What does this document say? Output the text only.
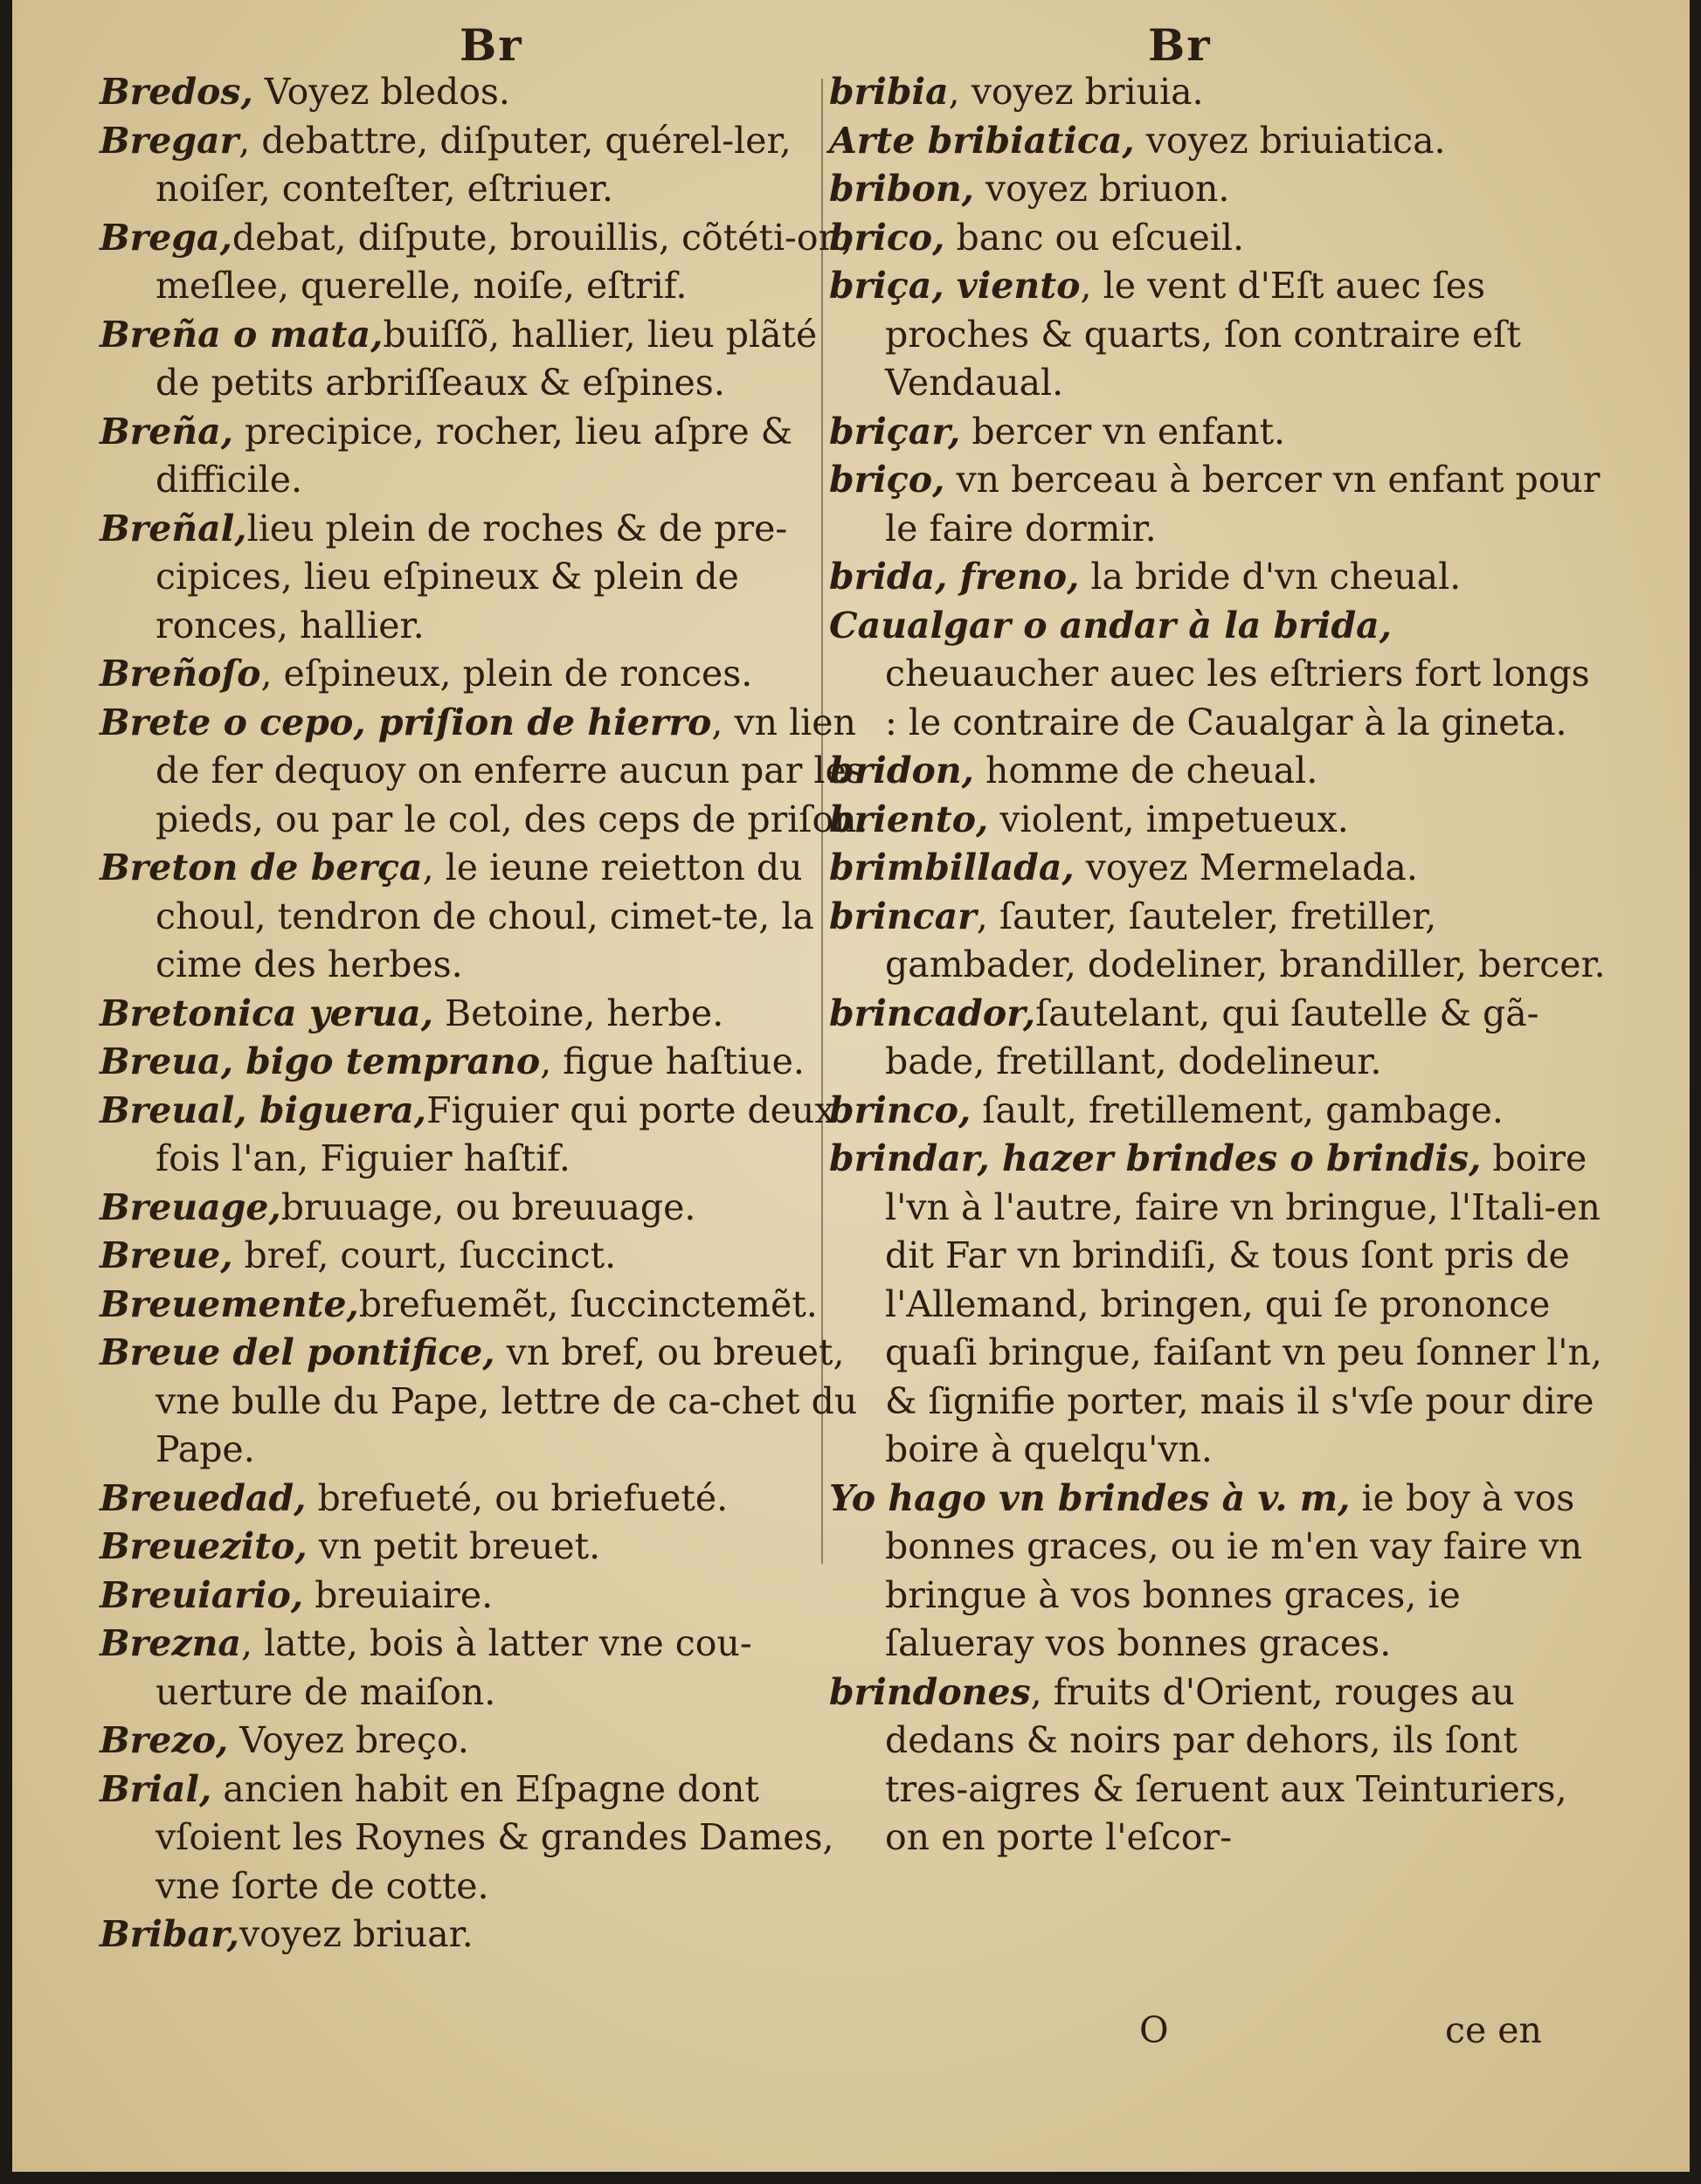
Br	Br
Bredos, Voyez bledos.
Bregar, debattre, diſputer, quérel-ler, noiſer, conteſter, eſtriuer.
Brega,debat, diſpute, brouillis, cõtéti-on, meſlee, querelle, noiſe, eſtrif.
Breña o mata,buiſſõ, hallier, lieu plãté de petits arbriſſeaux & eſpines.
Breña, precipice, rocher, lieu aſpre & difficile.
Breñal,lieu plein de roches & de pre-cipices, lieu eſpineux & plein de ronces, hallier.
Breñoſo, eſpineux, plein de ronces.
Brete o cepo, priſion de hierro, vn lien de fer dequoy on enferre aucun par les pieds, ou par le col, des ceps de priſon.
Breton de berça, le ieune reietton du choul, tendron de choul, cimet-te, la cime des herbes.
Bretonica yerua, Betoine, herbe.
Breua, bigo temprano, figue haſtiue.
Breual, biguera,Figuier qui porte deux fois l'an, Figuier haſtif.
Breuage,bruuage, ou breuuage.
Breue, bref, court, ſuccinct.
Breuemente,brefuemẽt, ſuccinctemẽt.
Breue del pontifice, vn bref, ou breuet, vne bulle du Pape, lettre de ca-chet du Pape.
Breuedad, brefueté, ou briefueté.
Breuezito, vn petit breuet.
Breuiario, breuiaire.
Brezna, latte, bois à latter vne cou-uerture de maiſon.
Brezo, Voyez breço.
Brial, ancien habit en Eſpagne dont vſoient les Roynes & grandes Dames, vne ſorte de cotte.
Bribar,voyez briuar.
bribia, voyez briuia.
Arte bribiatica, voyez briuiatica.
bribon, voyez briuon.
brico, banc ou eſcueil.
briça, viento, le vent d'Eſt auec ſes proches & quarts, ſon contraire eſt Vendaual.
briçar, bercer vn enfant.
briço, vn berceau à bercer vn enfant pour le faire dormir.
brida, freno, la bride d'vn cheual.
Caualgar o andar à la brida, cheuaucher auec les eſtriers fort longs : le contraire de Caualgar à la gineta.
bridon, homme de cheual.
briento, violent, impetueux.
brimbillada, voyez Mermelada.
brincar, ſauter, ſauteler, fretiller, gambader, dodeliner, brandiller, bercer.
brincador,ſautelant, qui ſautelle & gã-bade, fretillant, dodelineur.
brinco, ſault, fretillement, gambage.
brindar, hazer brindes o brindis, boire l'vn à l'autre, faire vn bringue, l'Itali-en dit Far vn brindiſi, & tous ſont pris de l'Allemand, bringen, qui ſe prononce quaſi bringue, faiſant vn peu ſonner l'n, & ſignifie porter, mais il s'vſe pour dire boire à quelqu'vn.
Yo hago vn brindes à v. m, ie boy à vos bonnes graces, ou ie m'en vay faire vn bringue à vos bonnes graces, ie ſalueray vos bonnes graces.
brindones, fruits d'Orient, rouges au dedans & noirs par dehors, ils ſont tres-aigres & ſeruent aux Teinturiers, on en porte l'eſcor-
O	ce en
